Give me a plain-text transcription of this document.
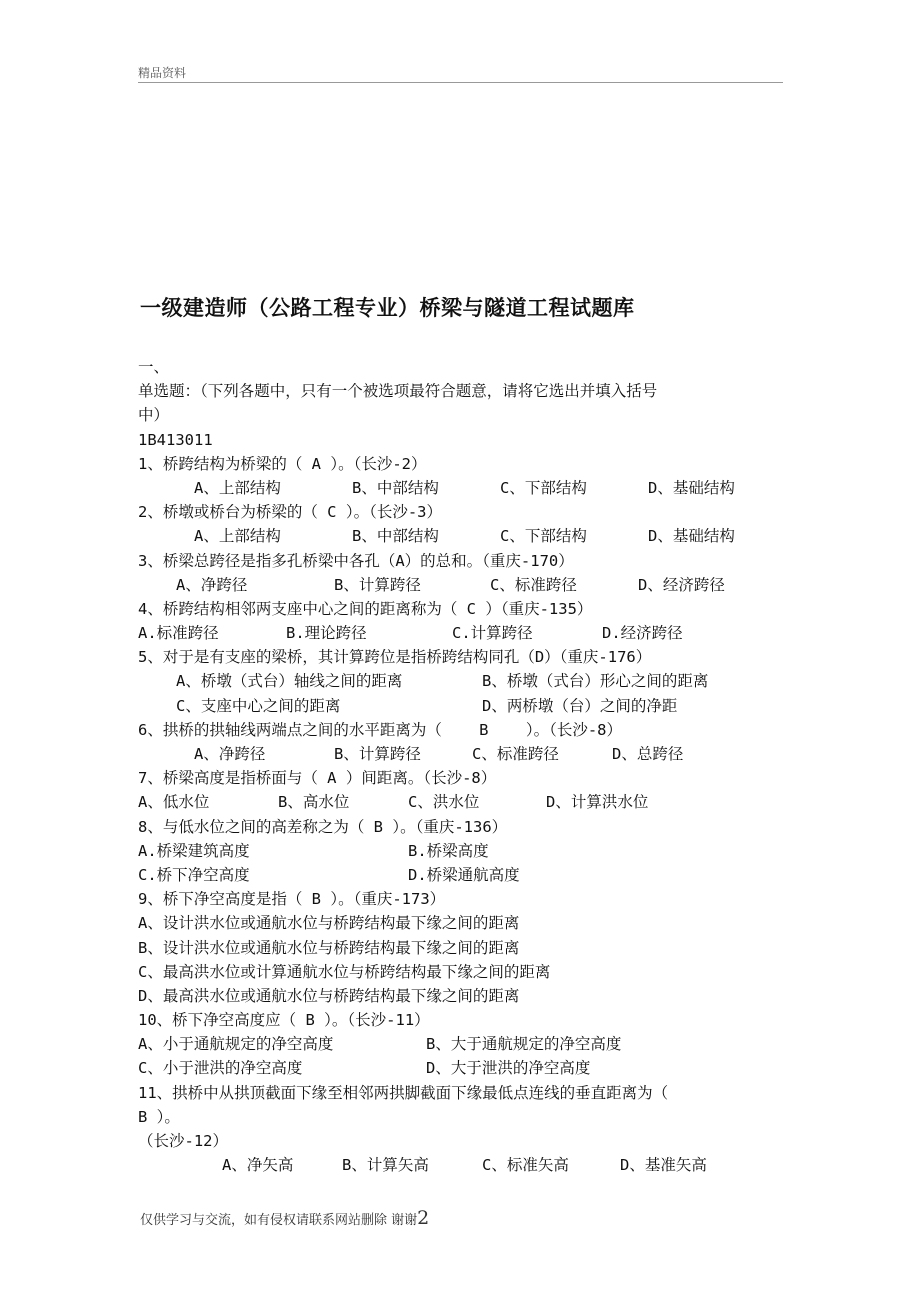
精品资料
一级建造师（公路工程专业）桥梁与隧道工程试题库
一、
单选题：（下列各题中，只有一个被选项最符合题意，请将它选出并填入括号
中）
1B413011
1、桥跨结构为桥梁的（ A ）。（长沙-2）

A、上部结构

	B、中部结构

	C、下部结构

	D、基础结构

2、桥墩或桥台为桥梁的（ C ）。（长沙-3）

A、上部结构

	B、中部结构

	C、下部结构

	D、基础结构

3、桥梁总跨径是指多孔桥梁中各孔（A）的总和。（重庆-170）

A、净跨径

	B、计算跨径

	C、标准跨径

	D、经济跨径

4、桥跨结构相邻两支座中心之间的距离称为（ C ）（重庆-135）

A.标准跨径

	B.理论跨径

	C.计算跨径

	D.经济跨径

5、对于是有支座的梁桥，其计算跨位是指桥跨结构同孔（D）（重庆-176）

A、桥墩（式台）轴线之间的距离

	B、桥墩（式台）形心之间的距离

C、支座中心之间的距离

	D、两桥墩（台）之间的净距

6、拱桥的拱轴线两端点之间的水平距离为（    B    ）。（长沙-8）

A、净跨径

	B、计算跨径

	C、标准跨径

	D、总跨径

7、桥梁高度是指桥面与（ A ）间距离。（长沙-8）

A、低水位

	B、高水位

	C、洪水位

	D、计算洪水位

8、与低水位之间的高差称之为（ B ）。（重庆-136）

A.桥梁建筑高度

	B.桥梁高度

C.桥下净空高度

	D.桥梁通航高度

9、桥下净空高度是指（ B ）。（重庆-173）
A、设计洪水位或通航水位与桥跨结构最下缘之间的距离
B、设计洪水位或通航水位与桥跨结构最下缘之间的距离
C、最高洪水位或计算通航水位与桥跨结构最下缘之间的距离
D、最高洪水位或通航水位与桥跨结构最下缘之间的距离
10、桥下净空高度应（ B ）。（长沙-11）

A、小于通航规定的净空高度

	B、大于通航规定的净空高度

C、小于泄洪的净空高度

	D、大于泄洪的净空高度

11、拱桥中从拱顶截面下缘至相邻两拱脚截面下缘最低点连线的垂直距离为（
B ）。
（长沙-12）

A、净矢高

	B、计算矢高

	C、标准矢高

	D、基准矢高

仅供学习与交流，如有侵权请联系网站删除 谢谢2
